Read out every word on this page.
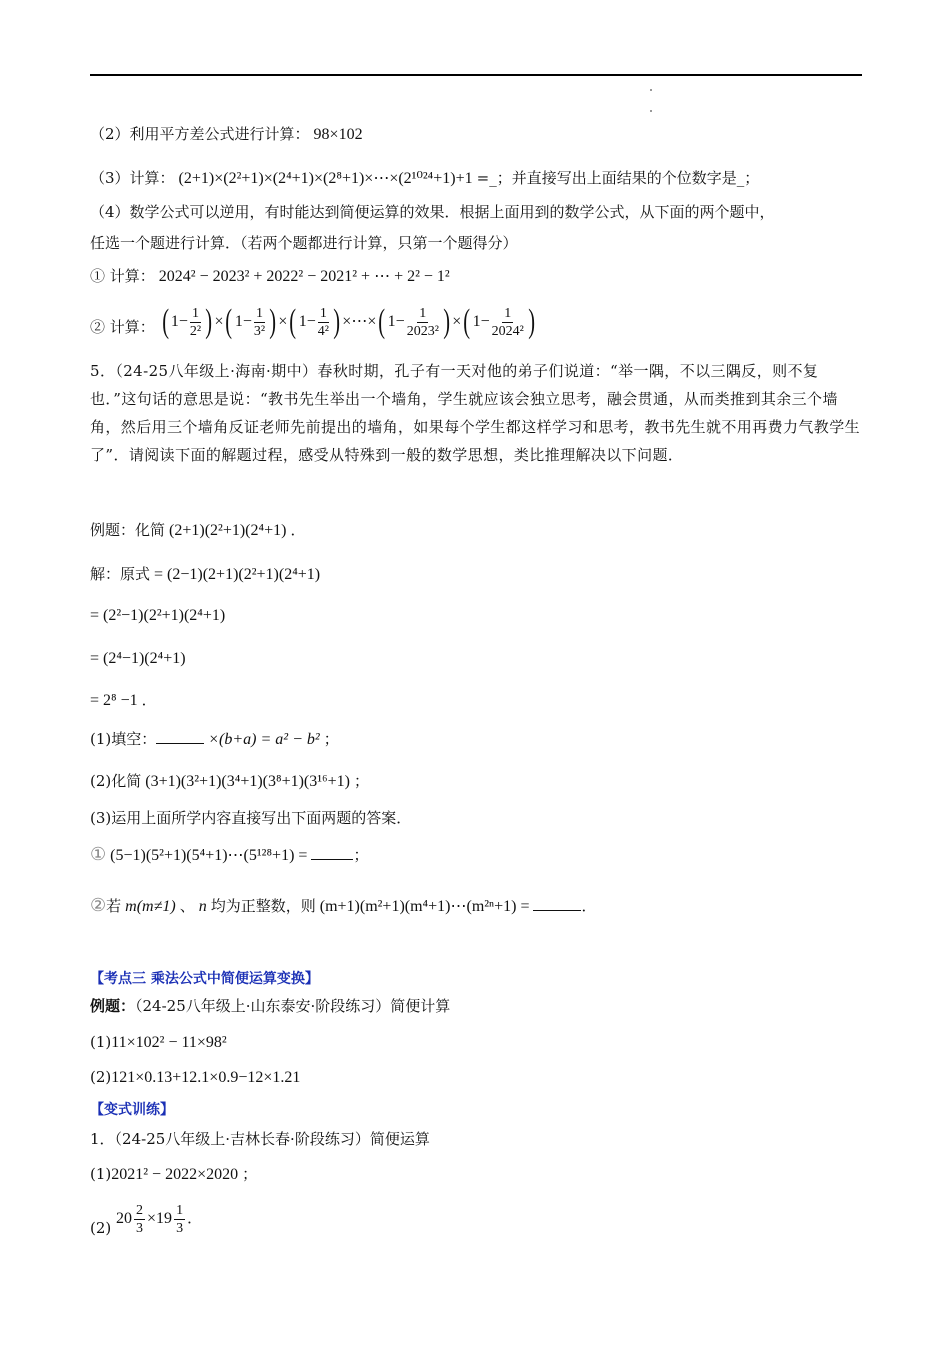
（2）利用平方差公式进行计算： 98×102
（3）计算： (2+1)×(2²+1)×(2⁴+1)×(2⁸+1)×⋯×(2¹⁰²⁴+1)+1 =_；并直接写出上面结果的个位数字是_；
（4）数学公式可以逆用，有时能达到简便运算的效果．根据上面用到的数学公式，从下面的两个题中，
任选一个题进行计算．（若两个题都进行计算，只第一个题得分）
① 计算： 2024² − 2023² + 2022² − 2021² + ⋯ + 2² − 1²
② 计算： ( $1- \frac{1}{\text{2²}}$ ) × ( $1- \frac{1}{\text{3²}}$ ) × ( $1- \frac{1}{\text{4²}}$ ) ×⋯× ( $1- \frac{1}{\text{2023²}}$ ) × ( $1- \frac{1}{\text{2024²}}$ )
5．（24-25八年级上·海南·期中）春秋时期，孔子有一天对他的弟子们说道：“举一隅，不以三隅反，则不复也．”这句话的意思是说：“教书先生举出一个墙角，学生就应该会独立思考，融会贯通，从而类推到其余三个墙角，然后用三个墙角反证老师先前提出的墙角，如果每个学生都这样学习和思考，教书先生就不用再费力气教学生了”．请阅读下面的解题过程，感受从特殊到一般的数学思想，类比推理解决以下问题．
例题：化简 (2+1)(2²+1)(2⁴+1) ．
解：原式 = (2−1)(2+1)(2²+1)(2⁴+1)
= (2²−1)(2²+1)(2⁴+1)
= (2⁴−1)(2⁴+1)
= 2⁸ −1 ．
(1)填空：	×(b+a) = a² − b² ；
(2)化简 (3+1)(3²+1)(3⁴+1)(3⁸+1)(3¹⁶+1) ；
(3)运用上面所学内容直接写出下面两题的答案．
① (5−1)(5²+1)(5⁴+1)⋯(5¹²⁸+1) =	；
②若 m(m≠1) 、 n 均为正整数，则 (m+1)(m²+1)(m⁴+1)⋯(m²ⁿ+1) =	．
【考点三 乘法公式中简便运算变换】
例题：（24-25八年级上·山东泰安·阶段练习）简便计算
(1)11×102² − 11×98²
(2)121×0.13+12.1×0.9−12×1.21
【变式训练】
1．（24-25八年级上·吉林长春·阶段练习）简便运算
(1)2021² − 2022×2020 ；
(2)
$20 \frac{2}{3} \times 19 \frac{1}{3}$ ．
